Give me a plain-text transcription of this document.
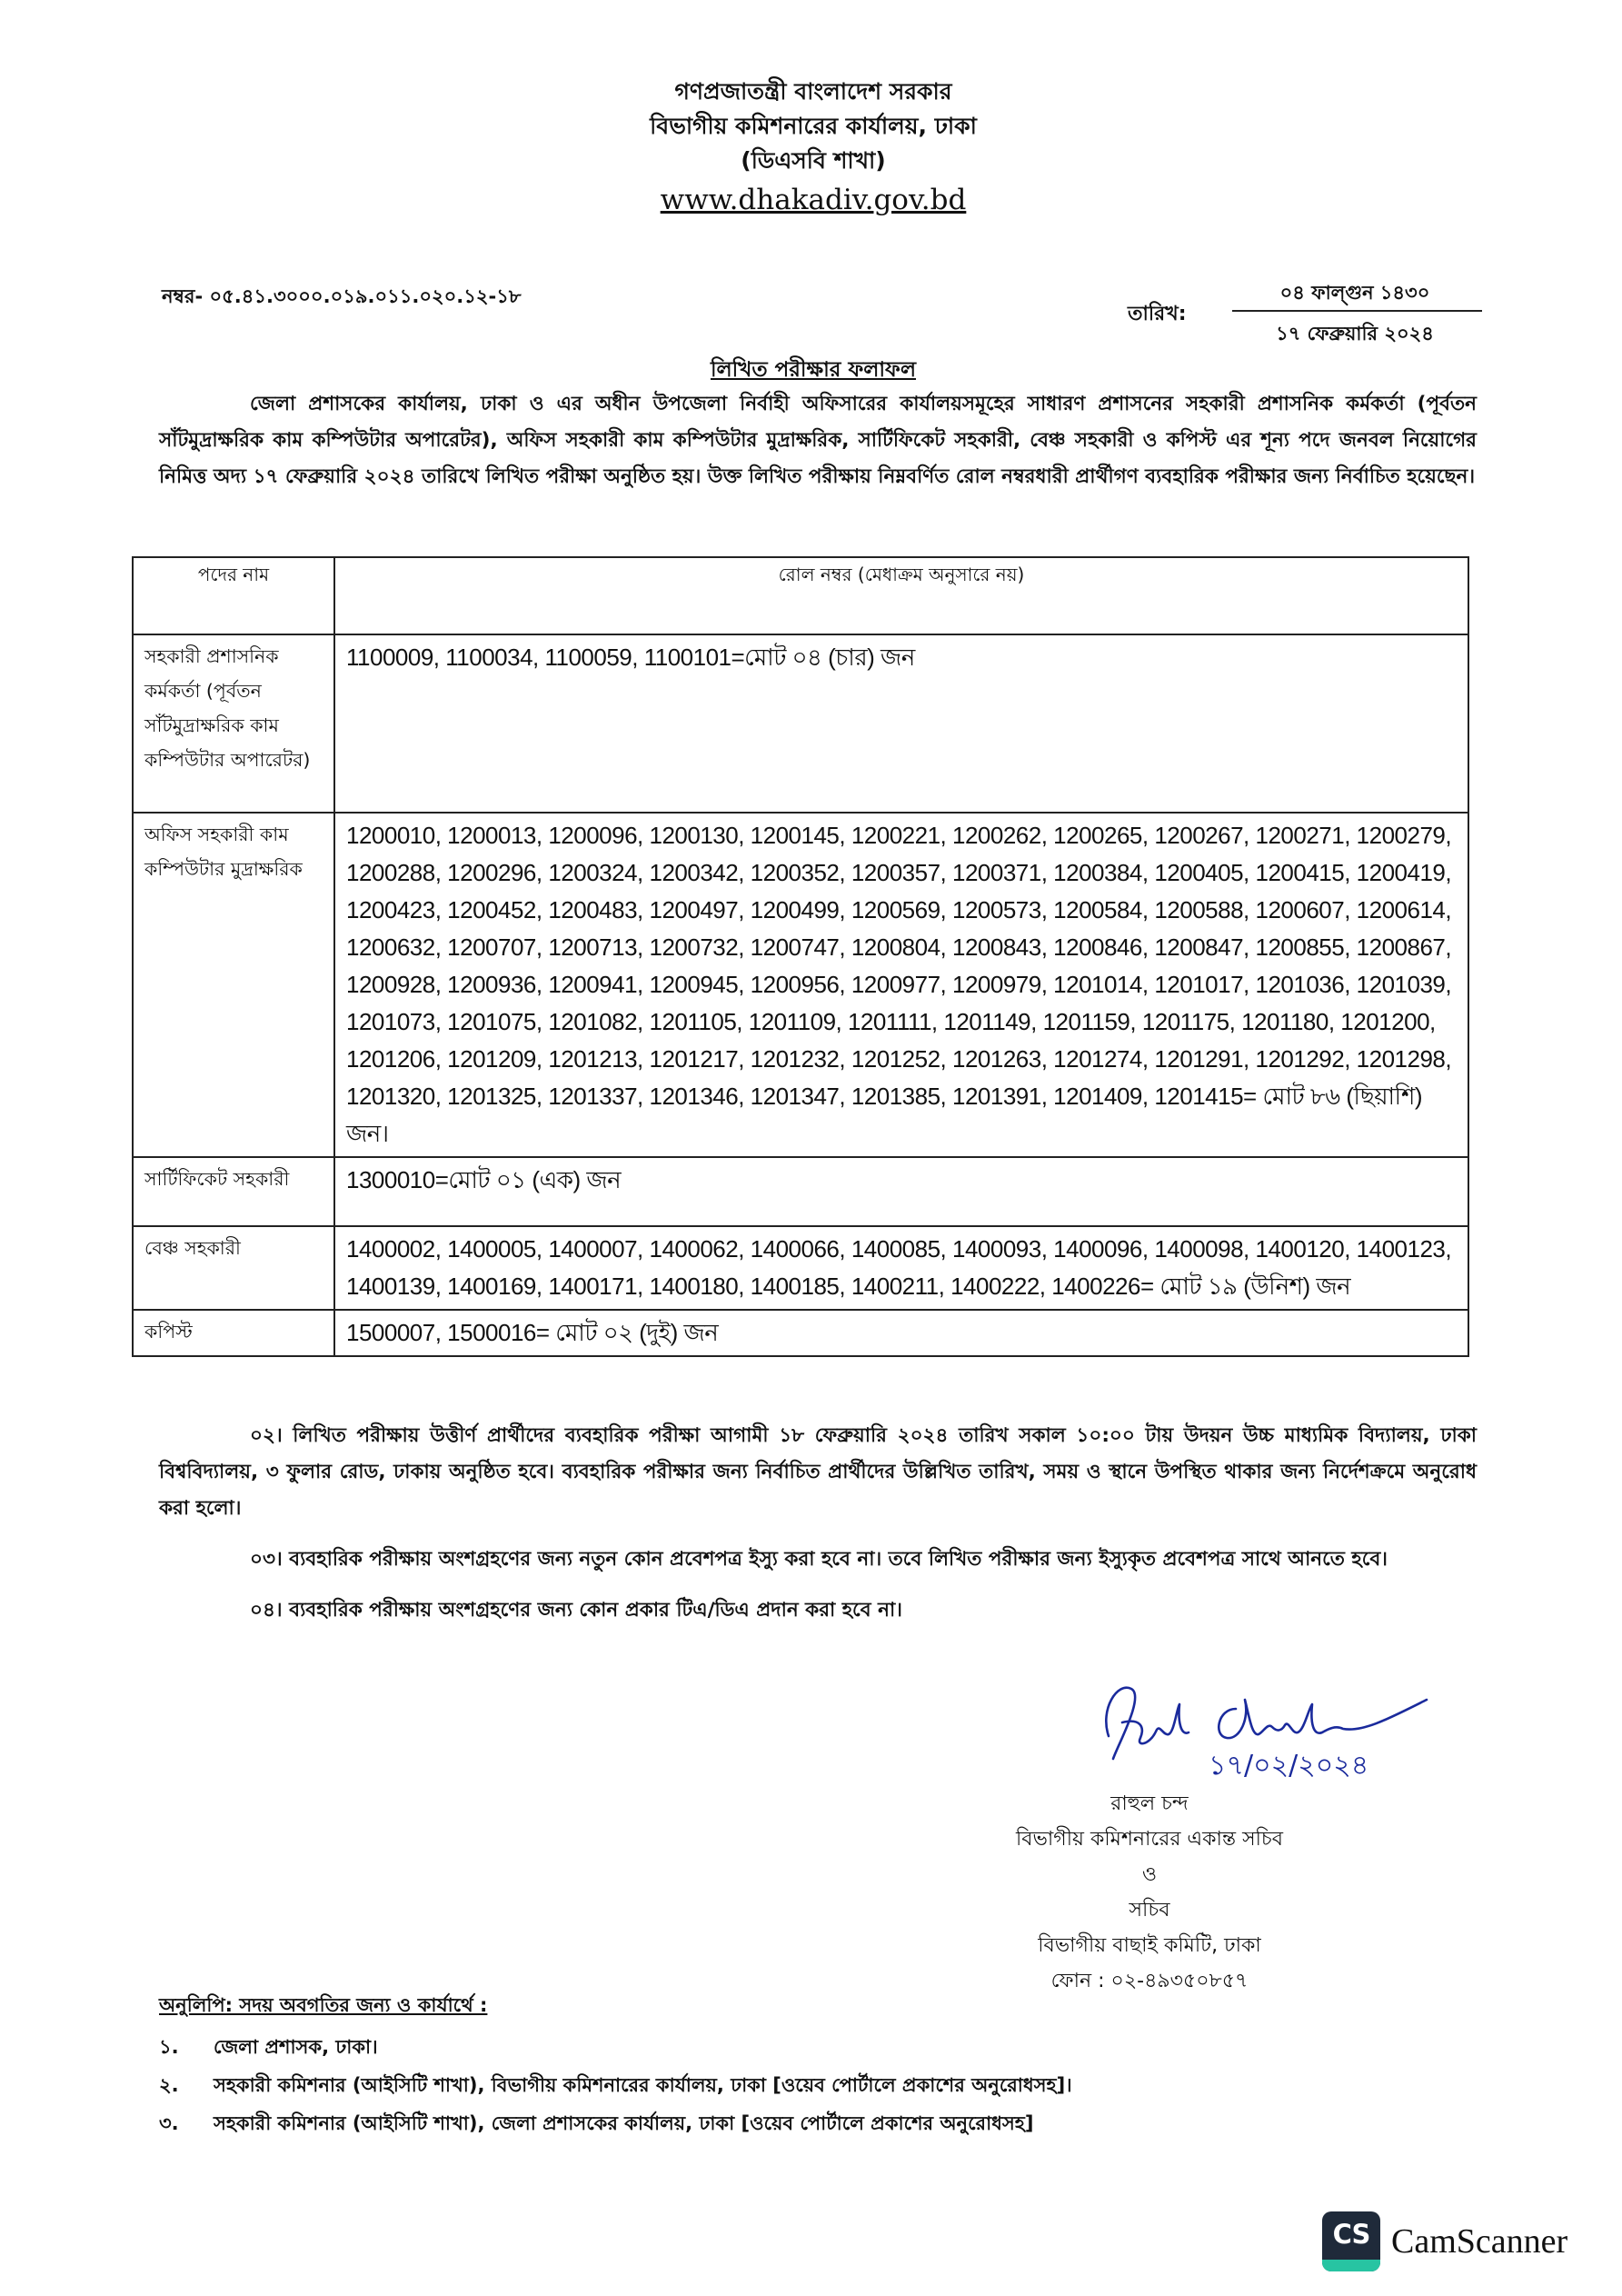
গণপ্রজাতন্ত্রী বাংলাদেশ সরকার
বিভাগীয় কমিশনারের কার্যালয়, ঢাকা
(ডিএসবি শাখা)
www.dhakadiv.gov.bd
নম্বর- ০৫.৪১.৩০০০.০১৯.০১১.০২০.১২-১৮
তারিখ:
০৪ ফাল্গুন ১৪৩০
১৭ ফেব্রুয়ারি ২০২৪
লিখিত পরীক্ষার ফলাফল
জেলা প্রশাসকের কার্যালয়, ঢাকা ও এর অধীন উপজেলা নির্বাহী অফিসারের কার্যালয়সমূহের সাধারণ প্রশাসনের সহকারী প্রশাসনিক কর্মকর্তা (পূর্বতন সাঁটমুদ্রাক্ষরিক কাম কম্পিউটার অপারেটর), অফিস সহকারী কাম কম্পিউটার মুদ্রাক্ষরিক, সার্টিফিকেট সহকারী, বেঞ্চ সহকারী ও কপিস্ট এর শূন্য পদে জনবল নিয়োগের নিমিত্ত অদ্য ১৭ ফেব্রুয়ারি ২০২৪ তারিখে লিখিত পরীক্ষা অনুষ্ঠিত হয়। উক্ত লিখিত পরীক্ষায় নিম্নবর্ণিত রোল নম্বরধারী প্রার্থীগণ ব্যবহারিক পরীক্ষার জন্য নির্বাচিত হয়েছেন।
পদের নাম	রোল নম্বর (মেধাক্রম অনুসারে নয়)
সহকারী প্রশাসনিক কর্মকর্তা (পূর্বতন সাঁটমুদ্রাক্ষরিক কাম কম্পিউটার অপারেটর)	1100009, 1100034, 1100059, 1100101=মোট ০৪ (চার) জন
অফিস সহকারী কাম কম্পিউটার মুদ্রাক্ষরিক	1200010, 1200013, 1200096, 1200130, 1200145, 1200221, 1200262, 1200265, 1200267, 1200271, 1200279, 1200288, 1200296, 1200324, 1200342, 1200352, 1200357, 1200371, 1200384, 1200405, 1200415, 1200419, 1200423, 1200452, 1200483, 1200497, 1200499, 1200569, 1200573, 1200584, 1200588, 1200607, 1200614, 1200632, 1200707, 1200713, 1200732, 1200747, 1200804, 1200843, 1200846, 1200847, 1200855, 1200867, 1200928, 1200936, 1200941, 1200945, 1200956, 1200977, 1200979, 1201014, 1201017, 1201036, 1201039, 1201073, 1201075, 1201082, 1201105, 1201109, 1201111, 1201149, 1201159, 1201175, 1201180, 1201200, 1201206, 1201209, 1201213, 1201217, 1201232, 1201252, 1201263, 1201274, 1201291, 1201292, 1201298, 1201320, 1201325, 1201337, 1201346, 1201347, 1201385, 1201391, 1201409, 1201415= মোট ৮৬ (ছিয়াশি) জন।
সার্টিফিকেট সহকারী	1300010=মোট ০১ (এক) জন
বেঞ্চ সহকারী	1400002, 1400005, 1400007, 1400062, 1400066, 1400085, 1400093, 1400096, 1400098, 1400120, 1400123, 1400139, 1400169, 1400171, 1400180, 1400185, 1400211, 1400222, 1400226= মোট ১৯ (উনিশ) জন
কপিস্ট	1500007, 1500016= মোট ০২ (দুই) জন
০২। লিখিত পরীক্ষায় উত্তীর্ণ প্রার্থীদের ব্যবহারিক পরীক্ষা আগামী ১৮ ফেব্রুয়ারি ২০২৪ তারিখ সকাল ১০:০০ টায় উদয়ন উচ্চ মাধ্যমিক বিদ্যালয়, ঢাকা বিশ্ববিদ্যালয়, ৩ ফুলার রোড, ঢাকায় অনুষ্ঠিত হবে। ব্যবহারিক পরীক্ষার জন্য নির্বাচিত প্রার্থীদের উল্লিখিত তারিখ, সময় ও স্থানে উপস্থিত থাকার জন্য নির্দেশক্রমে অনুরোধ করা হলো।
০৩। ব্যবহারিক পরীক্ষায় অংশগ্রহণের জন্য নতুন কোন প্রবেশপত্র ইস্যু করা হবে না। তবে লিখিত পরীক্ষার জন্য ইস্যুকৃত প্রবেশপত্র সাথে আনতে হবে।
০৪। ব্যবহারিক পরীক্ষায় অংশগ্রহণের জন্য কোন প্রকার টিএ/ডিএ প্রদান করা হবে না।
১৭/০২/২০২৪
রাহুল চন্দ
বিভাগীয় কমিশনারের একান্ত সচিব
ও
সচিব
বিভাগীয় বাছাই কমিটি, ঢাকা
ফোন : ০২-৪৯৩৫০৮৫৭
অনুলিপি: সদয় অবগতির জন্য ও কার্যার্থে :
১.	জেলা প্রশাসক, ঢাকা।
২.	সহকারী কমিশনার (আইসিটি শাখা), বিভাগীয় কমিশনারের কার্যালয়, ঢাকা [ওয়েব পোর্টালে প্রকাশের অনুরোধসহ]।
৩.	সহকারী কমিশনার (আইসিটি শাখা), জেলা প্রশাসকের কার্যালয়, ঢাকা [ওয়েব পোর্টালে প্রকাশের অনুরোধসহ]
CS CamScanner
